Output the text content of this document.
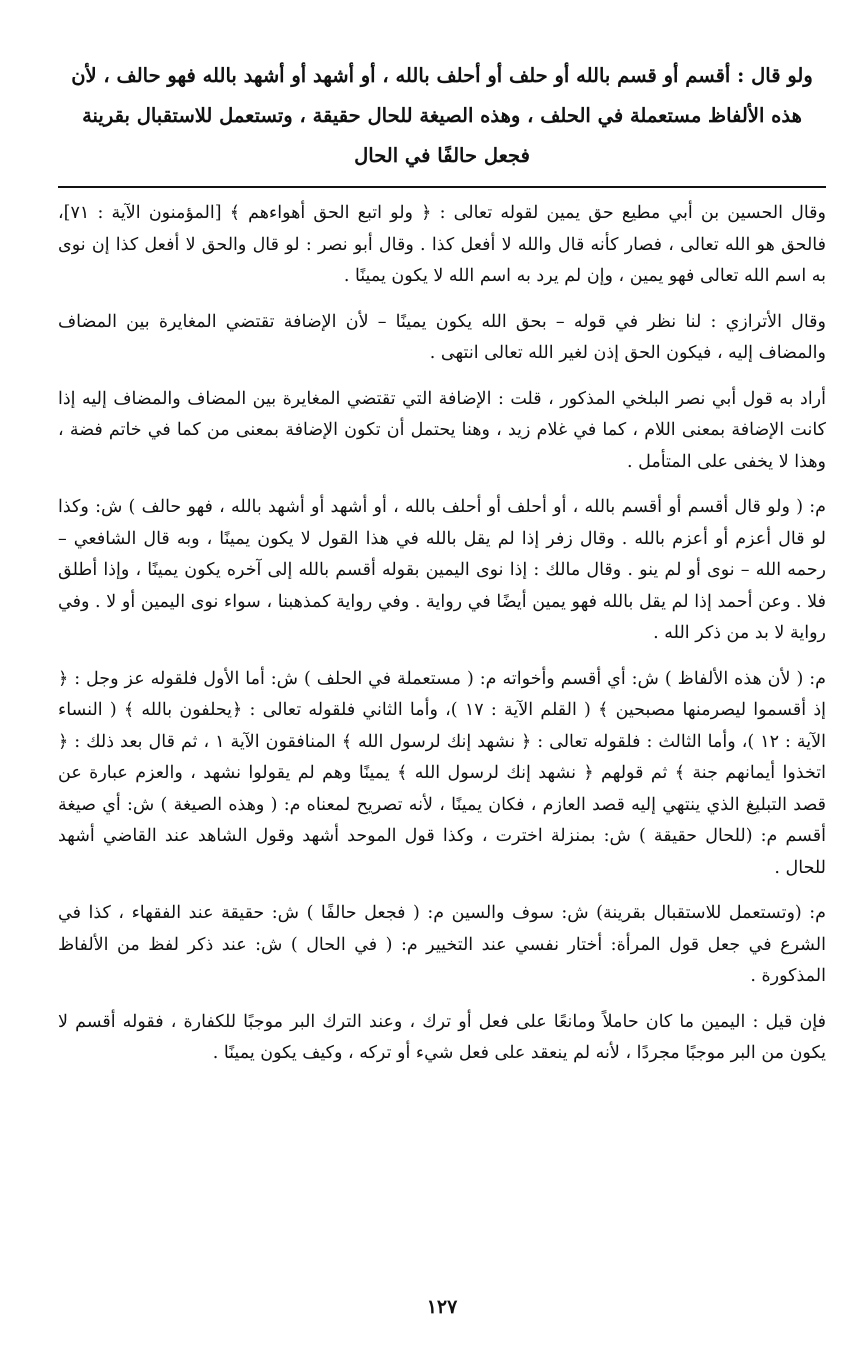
ولو قال : أقسم أو قسم بالله أو حلف أو أحلف بالله ، أو أشهد أو أشهد بالله فهو حالف ، لأن هذه الألفاظ مستعملة في الحلف ، وهذه الصيغة للحال حقيقة ، وتستعمل للاستقبال بقرينة فجعل حالفًا في الحال

وقال الحسين بن أبي مطيع حق يمين لقوله تعالى : ﴿ ولو اتبع الحق أهواءهم ﴾ [المؤمنون الآية : ٧١]، فالحق هو الله تعالى ، فصار كأنه قال والله لا أفعل كذا . وقال أبو نصر : لو قال والحق لا أفعل كذا إن نوى به اسم الله تعالى فهو يمين ، وإن لم يرد به اسم الله لا يكون يمينًا .

وقال الأترازي : لنا نظر في قوله – بحق الله يكون يمينًا – لأن الإضافة تقتضي المغايرة بين المضاف والمضاف إليه ، فيكون الحق إذن لغير الله تعالى انتهى .

أراد به قول أبي نصر البلخي المذكور ، قلت : الإضافة التي تقتضي المغايرة بين المضاف والمضاف إليه إذا كانت الإضافة بمعنى اللام ، كما في غلام زيد ، وهنا يحتمل أن تكون الإضافة بمعنى من كما في خاتم فضة ، وهذا لا يخفى على المتأمل .

م: ( ولو قال أقسم أو أقسم بالله ، أو أحلف أو أحلف بالله ، أو أشهد أو أشهد بالله ، فهو حالف ) ش: وكذا لو قال أعزم أو أعزم بالله . وقال زفر إذا لم يقل بالله في هذا القول لا يكون يمينًا ، وبه قال الشافعي – رحمه الله – نوى أو لم ينو . وقال مالك : إذا نوى اليمين بقوله أقسم بالله إلى آخره يكون يمينًا ، وإذا أطلق فلا . وعن أحمد إذا لم يقل بالله فهو يمين أيضًا في رواية . وفي رواية كمذهبنا ، سواء نوى اليمين أو لا . وفي رواية لا بد من ذكر الله .

م: ( لأن هذه الألفاظ ) ش: أي أقسم وأخواته م: ( مستعملة في الحلف ) ش: أما الأول فلقوله عز وجل : ﴿ إذ أقسموا ليصرمنها مصبحين ﴾ ( القلم الآية : ١٧ )، وأما الثاني فلقوله تعالى : ﴿يحلفون بالله ﴾ ( النساء الآية : ١٢ )، وأما الثالث : فلقوله تعالى : ﴿ نشهد إنك لرسول الله ﴾ المنافقون الآية ١ ، ثم قال بعد ذلك : ﴿ اتخذوا أيمانهم جنة ﴾ ثم قولهم ﴿ نشهد إنك لرسول الله ﴾ يمينًا وهم لم يقولوا نشهد ، والعزم عبارة عن قصد التبليغ الذي ينتهي إليه قصد العازم ، فكان يمينًا ، لأنه تصريح لمعناه م: ( وهذه الصيغة ) ش: أي صيغة أقسم م: (للحال حقيقة ) ش: بمنزلة اخترت ، وكذا قول الموحد أشهد وقول الشاهد عند القاضي أشهد للحال .

م: (وتستعمل للاستقبال بقرينة) ش: سوف والسين م: ( فجعل حالفًا ) ش: حقيقة عند الفقهاء ، كذا في الشرع في جعل قول المرأة: أختار نفسي عند التخيير م: ( في الحال ) ش: عند ذكر لفظ من الألفاظ المذكورة .

فإن قيل : اليمين ما كان حاملاً ومانعًا على فعل أو ترك ، وعند الترك البر موجبًا للكفارة ، فقوله أقسم لا يكون من البر موجبًا مجردًا ، لأنه لم ينعقد على فعل شيء أو تركه ، وكيف يكون يمينًا .

١٢٧
